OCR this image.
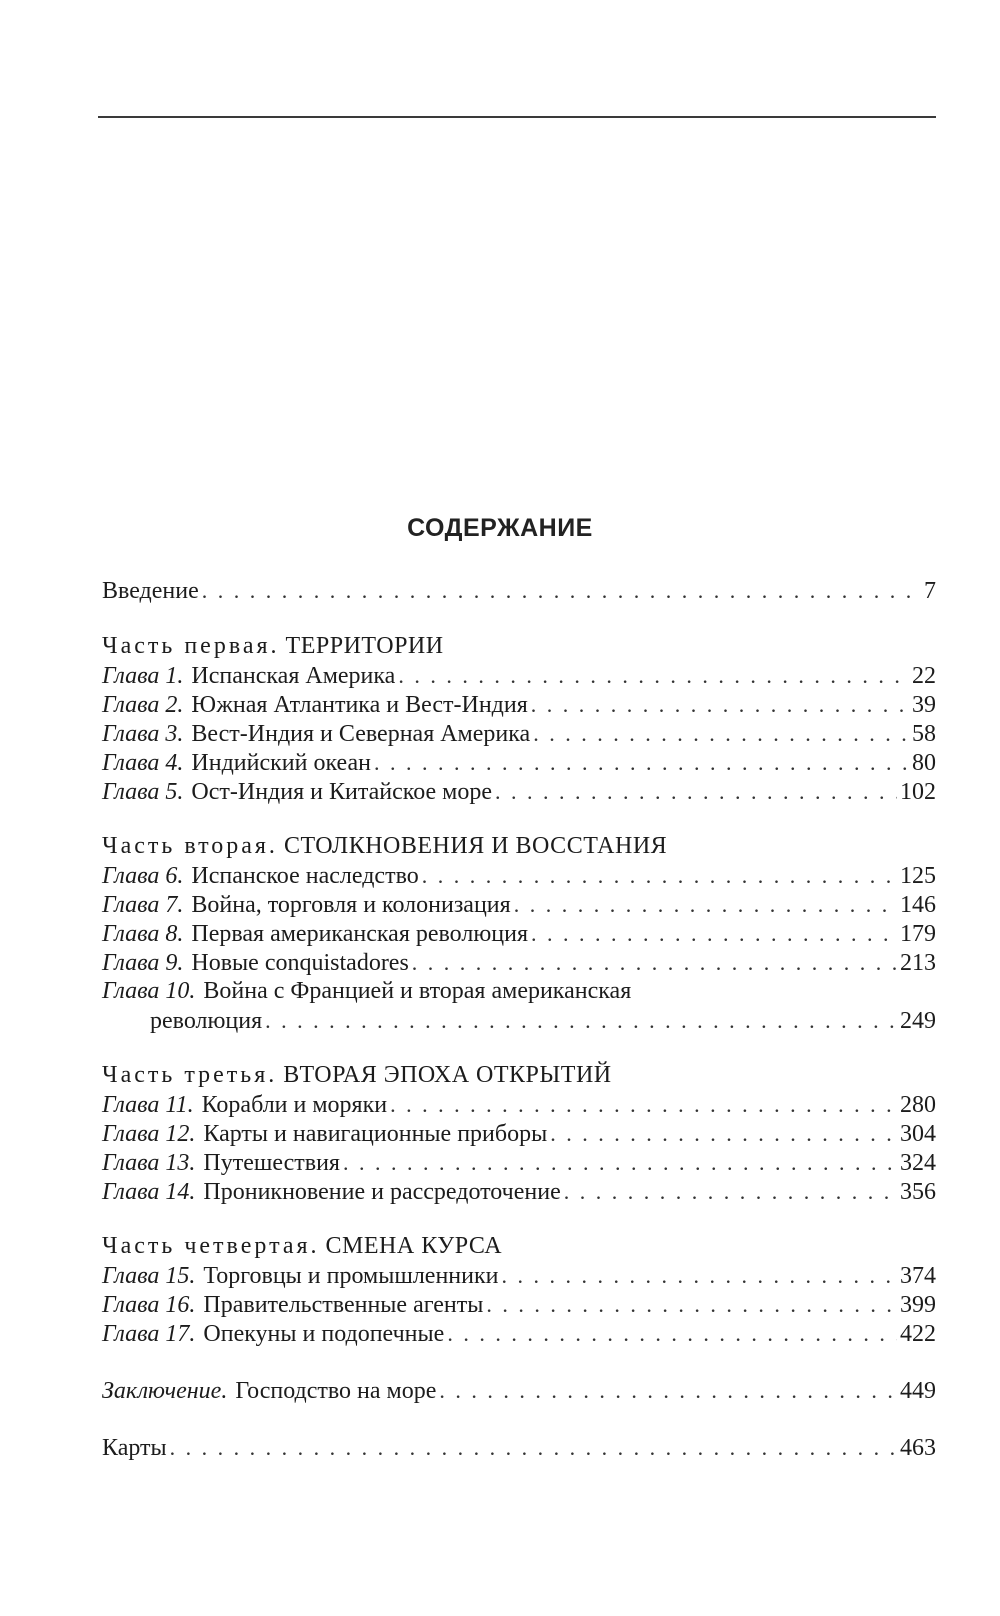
СОДЕРЖАНИЕ
Введение . . .	7
Часть первая. ТЕРРИТОРИИ
Глава 1. Испанская Америка . . .	22
Глава 2. Южная Атлантика и Вест-Индия . . .	39
Глава 3. Вест-Индия и Северная Америка . . .	58
Глава 4. Индийский океан . . .	80
Глава 5. Ост-Индия и Китайское море . . .	102
Часть вторая. СТОЛКНОВЕНИЯ И ВОССТАНИЯ
Глава 6. Испанское наследство . . .	125
Глава 7. Война, торговля и колонизация . . .	146
Глава 8. Первая американская революция . . .	179
Глава 9. Новые conquistadores . . .	213
Глава 10. Война с Францией и вторая американская
революция . . .	249
Часть третья. ВТОРАЯ ЭПОХА ОТКРЫТИЙ
Глава 11. Корабли и моряки . . .	280
Глава 12. Карты и навигационные приборы . . .	304
Глава 13. Путешествия . . .	324
Глава 14. Проникновение и рассредоточение . . .	356
Часть четвертая. СМЕНА КУРСА
Глава 15. Торговцы и промышленники . . .	374
Глава 16. Правительственные агенты . . .	399
Глава 17. Опекуны и подопечные . . .	422
Заключение. Господство на море . . .	449
Карты . . .	463
